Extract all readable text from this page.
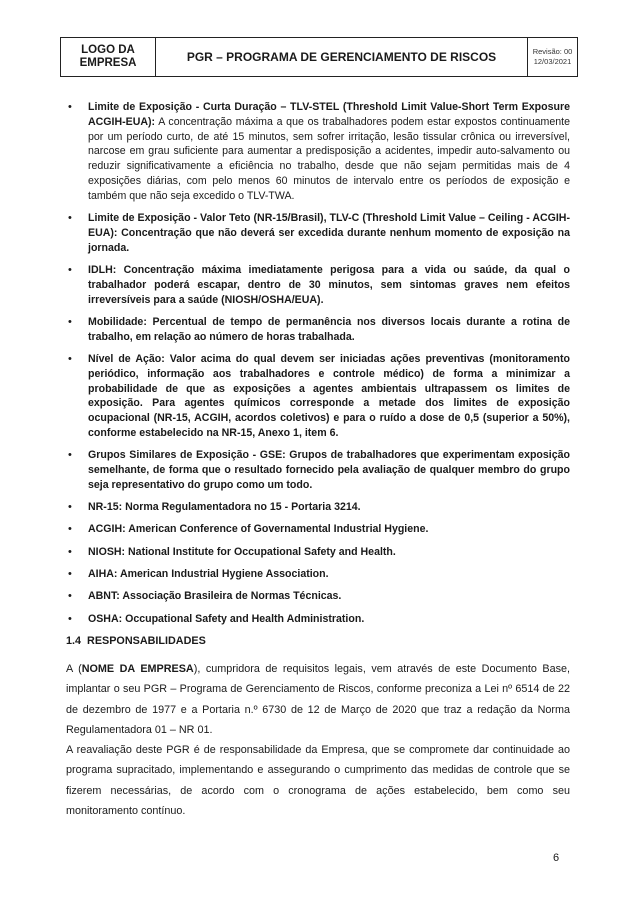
LOGO DA
EMPRESA	PGR – PROGRAMA DE GERENCIAMENTO DE RISCOS	Revisão: 00
12/03/2021
• Limite de Exposição - Curta Duração – TLV-STEL (Threshold Limit Value-Short Term Exposure ACGIH-EUA): A concentração máxima a que os trabalhadores podem estar expostos continuamente por um período curto, de até 15 minutos, sem sofrer irritação, lesão tissular crônica ou irreversível, narcose em grau suficiente para aumentar a predisposição a acidentes, impedir auto-salvamento ou reduzir significativamente a eficiência no trabalho, desde que não sejam permitidas mais de 4 exposições diárias, com pelo menos 60 minutos de intervalo entre os períodos de exposição e também que não seja excedido o TLV-TWA.
• Limite de Exposição - Valor Teto (NR-15/Brasil), TLV-C (Threshold Limit Value – Ceiling - ACGIH-EUA): Concentração que não deverá ser excedida durante nenhum momento de exposição na jornada.
• IDLH: Concentração máxima imediatamente perigosa para a vida ou saúde, da qual o trabalhador poderá escapar, dentro de 30 minutos, sem sintomas graves nem efeitos irreversíveis para a saúde (NIOSH/OSHA/EUA).
• Mobilidade: Percentual de tempo de permanência nos diversos locais durante a rotina de trabalho, em relação ao número de horas trabalhada.
• Nível de Ação: Valor acima do qual devem ser iniciadas ações preventivas (monitoramento periódico, informação aos trabalhadores e controle médico) de forma a minimizar a probabilidade de que as exposições a agentes ambientais ultrapassem os limites de exposição. Para agentes químicos corresponde a metade dos limites de exposição ocupacional (NR-15, ACGIH, acordos coletivos) e para o ruído a dose de 0,5 (superior a 50%), conforme estabelecido na NR-15, Anexo 1, item 6.
• Grupos Similares de Exposição - GSE: Grupos de trabalhadores que experimentam exposição semelhante, de forma que o resultado fornecido pela avaliação de qualquer membro do grupo seja representativo do grupo como um todo.
• NR-15: Norma Regulamentadora no 15 - Portaria 3214.
• ACGIH: American Conference of Governamental Industrial Hygiene.
• NIOSH: National Institute for Occupational Safety and Health.
• AIHA: American Industrial Hygiene Association.
• ABNT: Associação Brasileira de Normas Técnicas.
• OSHA: Occupational Safety and Health Administration.
1.4 RESPONSABILIDADES

A (NOME DA EMPRESA), cumpridora de requisitos legais, vem através de este Documento Base, implantar o seu PGR – Programa de Gerenciamento de Riscos, conforme preconiza a Lei nº 6514 de 22 de dezembro de 1977 e a Portaria n.º 6730 de 12 de Março de 2020 que traz a redação da Norma Regulamentadora 01 – NR 01.

A reavaliação deste PGR é de responsabilidade da Empresa, que se compromete dar continuidade ao programa supracitado, implementando e assegurando o cumprimento das medidas de controle que se fizerem necessárias, de acordo com o cronograma de ações estabelecido, bem como seu monitoramento contínuo.

6
